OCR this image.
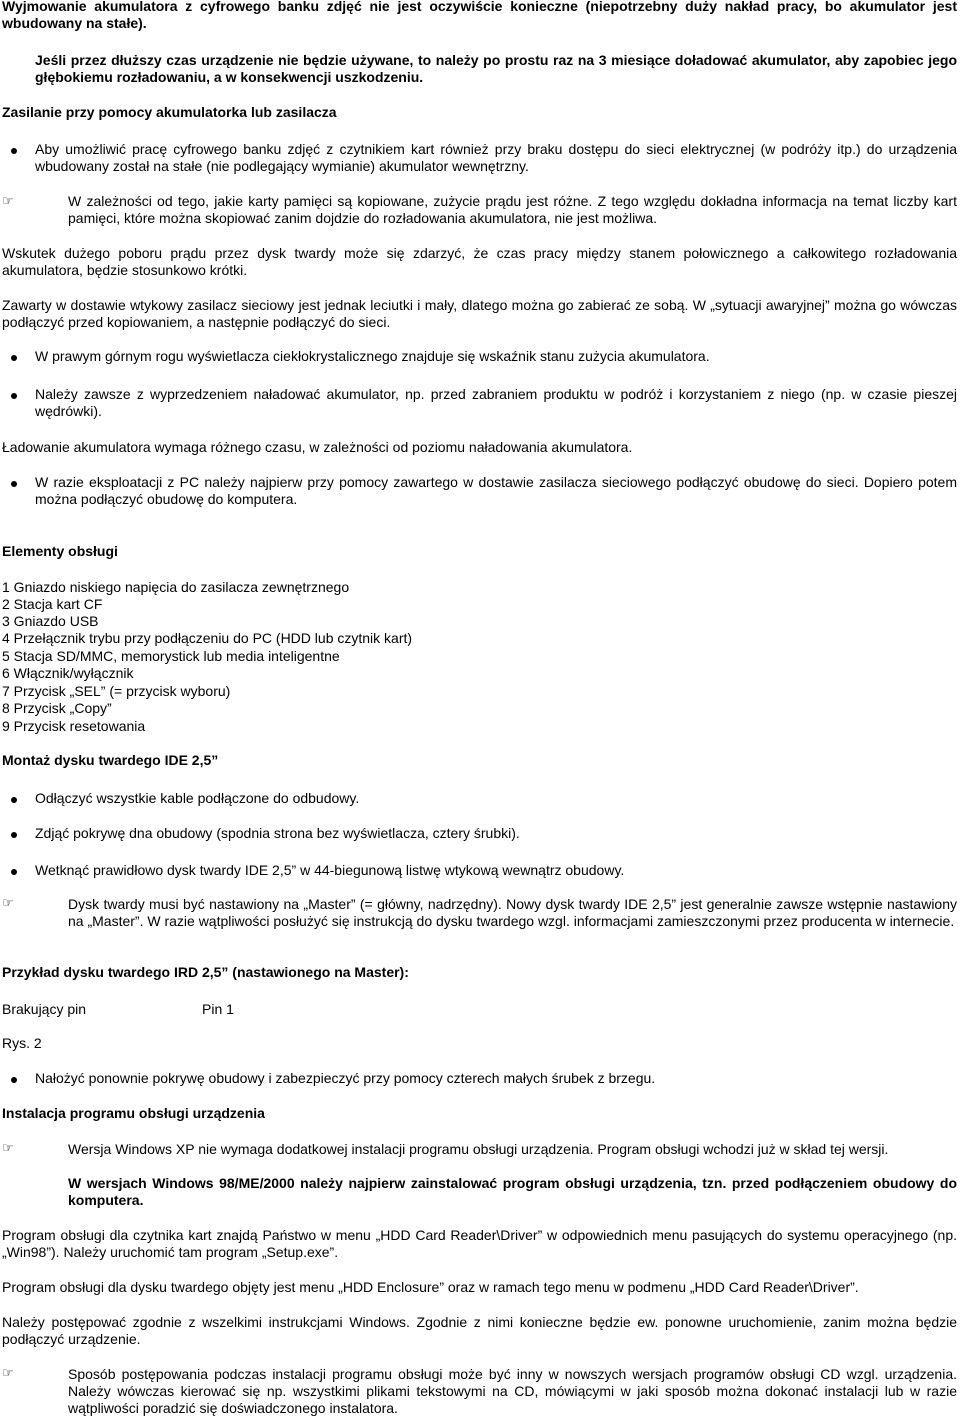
Wyjmowanie akumulatora z cyfrowego banku zdjęć nie jest oczywiście konieczne (niepotrzebny duży nakład pracy, bo akumulator jest wbudowany na stałe).

Jeśli przez dłuższy czas urządzenie nie będzie używane, to należy po prostu raz na 3 miesiące doładować akumulator, aby zapobiec jego głębokiemu rozładowaniu, a w konsekwencji uszkodzeniu.

Zasilanie przy pomocy akumulatorka lub zasilacza

Aby umożliwić pracę cyfrowego banku zdjęć z czytnikiem kart również przy braku dostępu do sieci elektrycznej (w podróży itp.) do urządzenia wbudowany został na stałe (nie podlegający wymianie) akumulator wewnętrzny.

☞	W zależności od tego, jakie karty pamięci są kopiowane, zużycie prądu jest różne. Z tego względu dokładna informacja na temat liczby kart pamięci, które można skopiować zanim dojdzie do rozładowania akumulatora, nie jest możliwa.

Wskutek dużego poboru prądu przez dysk twardy może się zdarzyć, że czas pracy między stanem połowicznego a całkowitego rozładowania akumulatora, będzie stosunkowo krótki.

Zawarty w dostawie wtykowy zasilacz sieciowy jest jednak leciutki i mały, dlatego można go zabierać ze sobą. W „sytuacji awaryjnej” można go wówczas podłączyć przed kopiowaniem, a następnie podłączyć do sieci.

W prawym górnym rogu wyświetlacza ciekłokrystalicznego znajduje się wskaźnik stanu zużycia akumulatora.

Należy zawsze z wyprzedzeniem naładować akumulator, np. przed zabraniem produktu w podróż i korzystaniem z niego (np. w czasie pieszej wędrówki).

Ładowanie akumulatora wymaga różnego czasu, w zależności od poziomu naładowania akumulatora.

W razie eksploatacji z PC należy najpierw przy pomocy zawartego w dostawie zasilacza sieciowego podłączyć obudowę do sieci. Dopiero potem można podłączyć obudowę do komputera.

Elementy obsługi

1 Gniazdo niskiego napięcia do zasilacza zewnętrznego

2 Stacja kart CF

3 Gniazdo USB

4 Przełącznik trybu przy podłączeniu do PC (HDD lub czytnik kart)

5 Stacja SD/MMC, memorystick lub media inteligentne

6 Włącznik/wyłącznik

7 Przycisk „SEL” (= przycisk wyboru)

8 Przycisk „Copy”

9 Przycisk resetowania

Montaż dysku twardego IDE 2,5”

Odłączyć wszystkie kable podłączone do odbudowy.

Zdjąć pokrywę dna obudowy (spodnia strona bez wyświetlacza, cztery śrubki).

Wetknąć prawidłowo dysk twardy IDE 2,5” w 44-biegunową listwę wtykową wewnątrz obudowy.

☞	Dysk twardy musi być nastawiony na „Master” (= główny, nadrzędny). Nowy dysk twardy IDE 2,5” jest generalnie zawsze wstępnie nastawiony na „Master”. W razie wątpliwości posłużyć się instrukcją do dysku twardego wzgl. informacjami zamieszczonymi przez producenta w internecie.

Przykład dysku twardego IRD 2,5” (nastawionego na Master):

Brakujący pin	Pin 1

Rys. 2

Nałożyć ponownie pokrywę obudowy i zabezpieczyć przy pomocy czterech małych śrubek z brzegu.

Instalacja programu obsługi urządzenia

☞	Wersja Windows XP nie wymaga dodatkowej instalacji programu obsługi urządzenia. Program obsługi wchodzi już w skład tej wersji.

W wersjach Windows 98/ME/2000 należy najpierw zainstalować program obsługi urządzenia, tzn. przed podłączeniem obudowy do komputera.

Program obsługi dla czytnika kart znajdą Państwo w menu „HDD Card Reader\Driver” w odpowiednich menu pasujących do systemu operacyjnego (np. „Win98”). Należy uruchomić tam program „Setup.exe”.

Program obsługi dla dysku twardego objęty jest menu „HDD Enclosure” oraz w ramach tego menu w podmenu „HDD Card Reader\Driver”.

Należy postępować zgodnie z wszelkimi instrukcjami Windows. Zgodnie z nimi konieczne będzie ew. ponowne uruchomienie, zanim można będzie podłączyć urządzenie.

☞	Sposób postępowania podczas instalacji programu obsługi może być inny w nowszych wersjach programów obsługi CD wzgl. urządzenia. Należy wówczas kierować się np. wszystkimi plikami tekstowymi na CD, mówiącymi w jaki sposób można dokonać instalacji lub w razie wątpliwości poradzić się doświadczonego instalatora.
